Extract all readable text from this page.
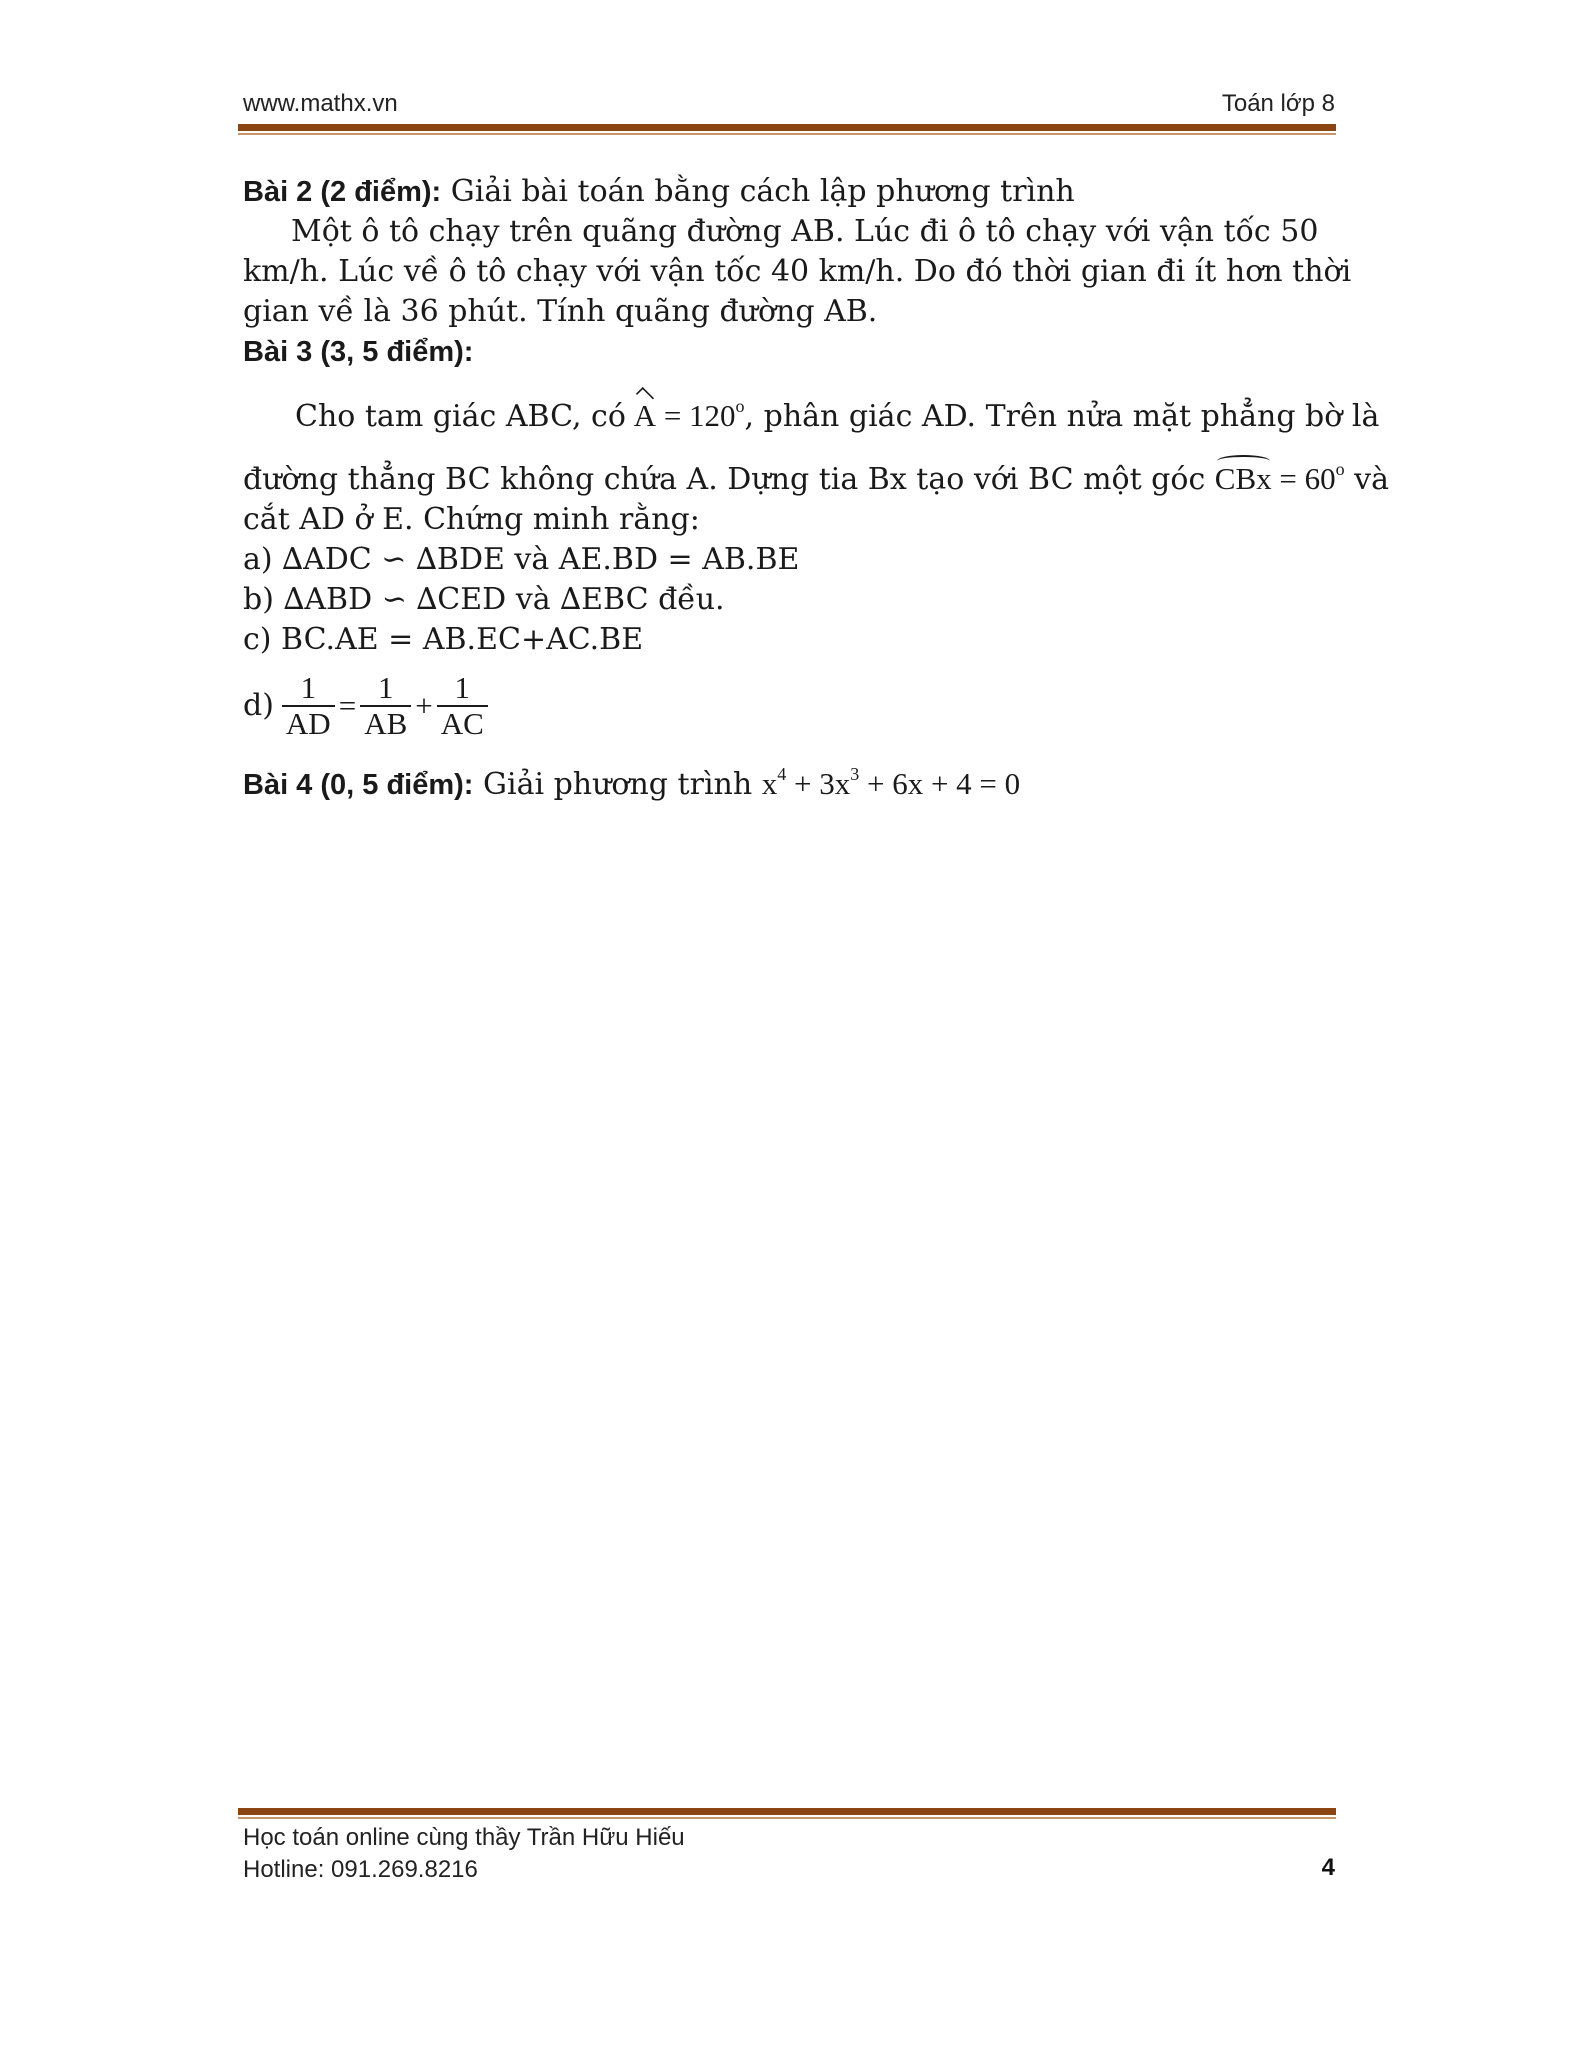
www.mathx.vn	Toán lớp 8
Bài 2 (2 điểm): Giải bài toán bằng cách lập phương trình
Một ô tô chạy trên quãng đường AB. Lúc đi ô tô chạy với vận tốc 50
km/h. Lúc về ô tô chạy với vận tốc 40 km/h. Do đó thời gian đi ít hơn thời
gian về là 36 phút. Tính quãng đường AB.
Bài 3 (3, 5 điểm):
Cho tam giác ABC, có $A = 120^o$, phân giác AD. Trên nửa mặt phẳng bờ là
đường thẳng BC không chứa A. Dựng tia Bx tạo với BC một góc CBx = $60^o$ và
cắt AD ở E. Chứng minh rằng:
a) ∆ADC ∽ ∆BDE và AE.BD = AB.BE
b) ∆ABD ∽ ∆CED và ∆EBC đều.
c) BC.AE = AB.EC+AC.BE
$d) \frac{1}{AD} = \frac{1}{AB} + \frac{1}{AC}$
Bài 4 (0, 5 điểm): Giải phương trình $x^4 + 3x^3 + 6x + 4 = 0$
Học toán online cùng thầy Trần Hữu Hiếu
Hotline: 091.269.8216	4
